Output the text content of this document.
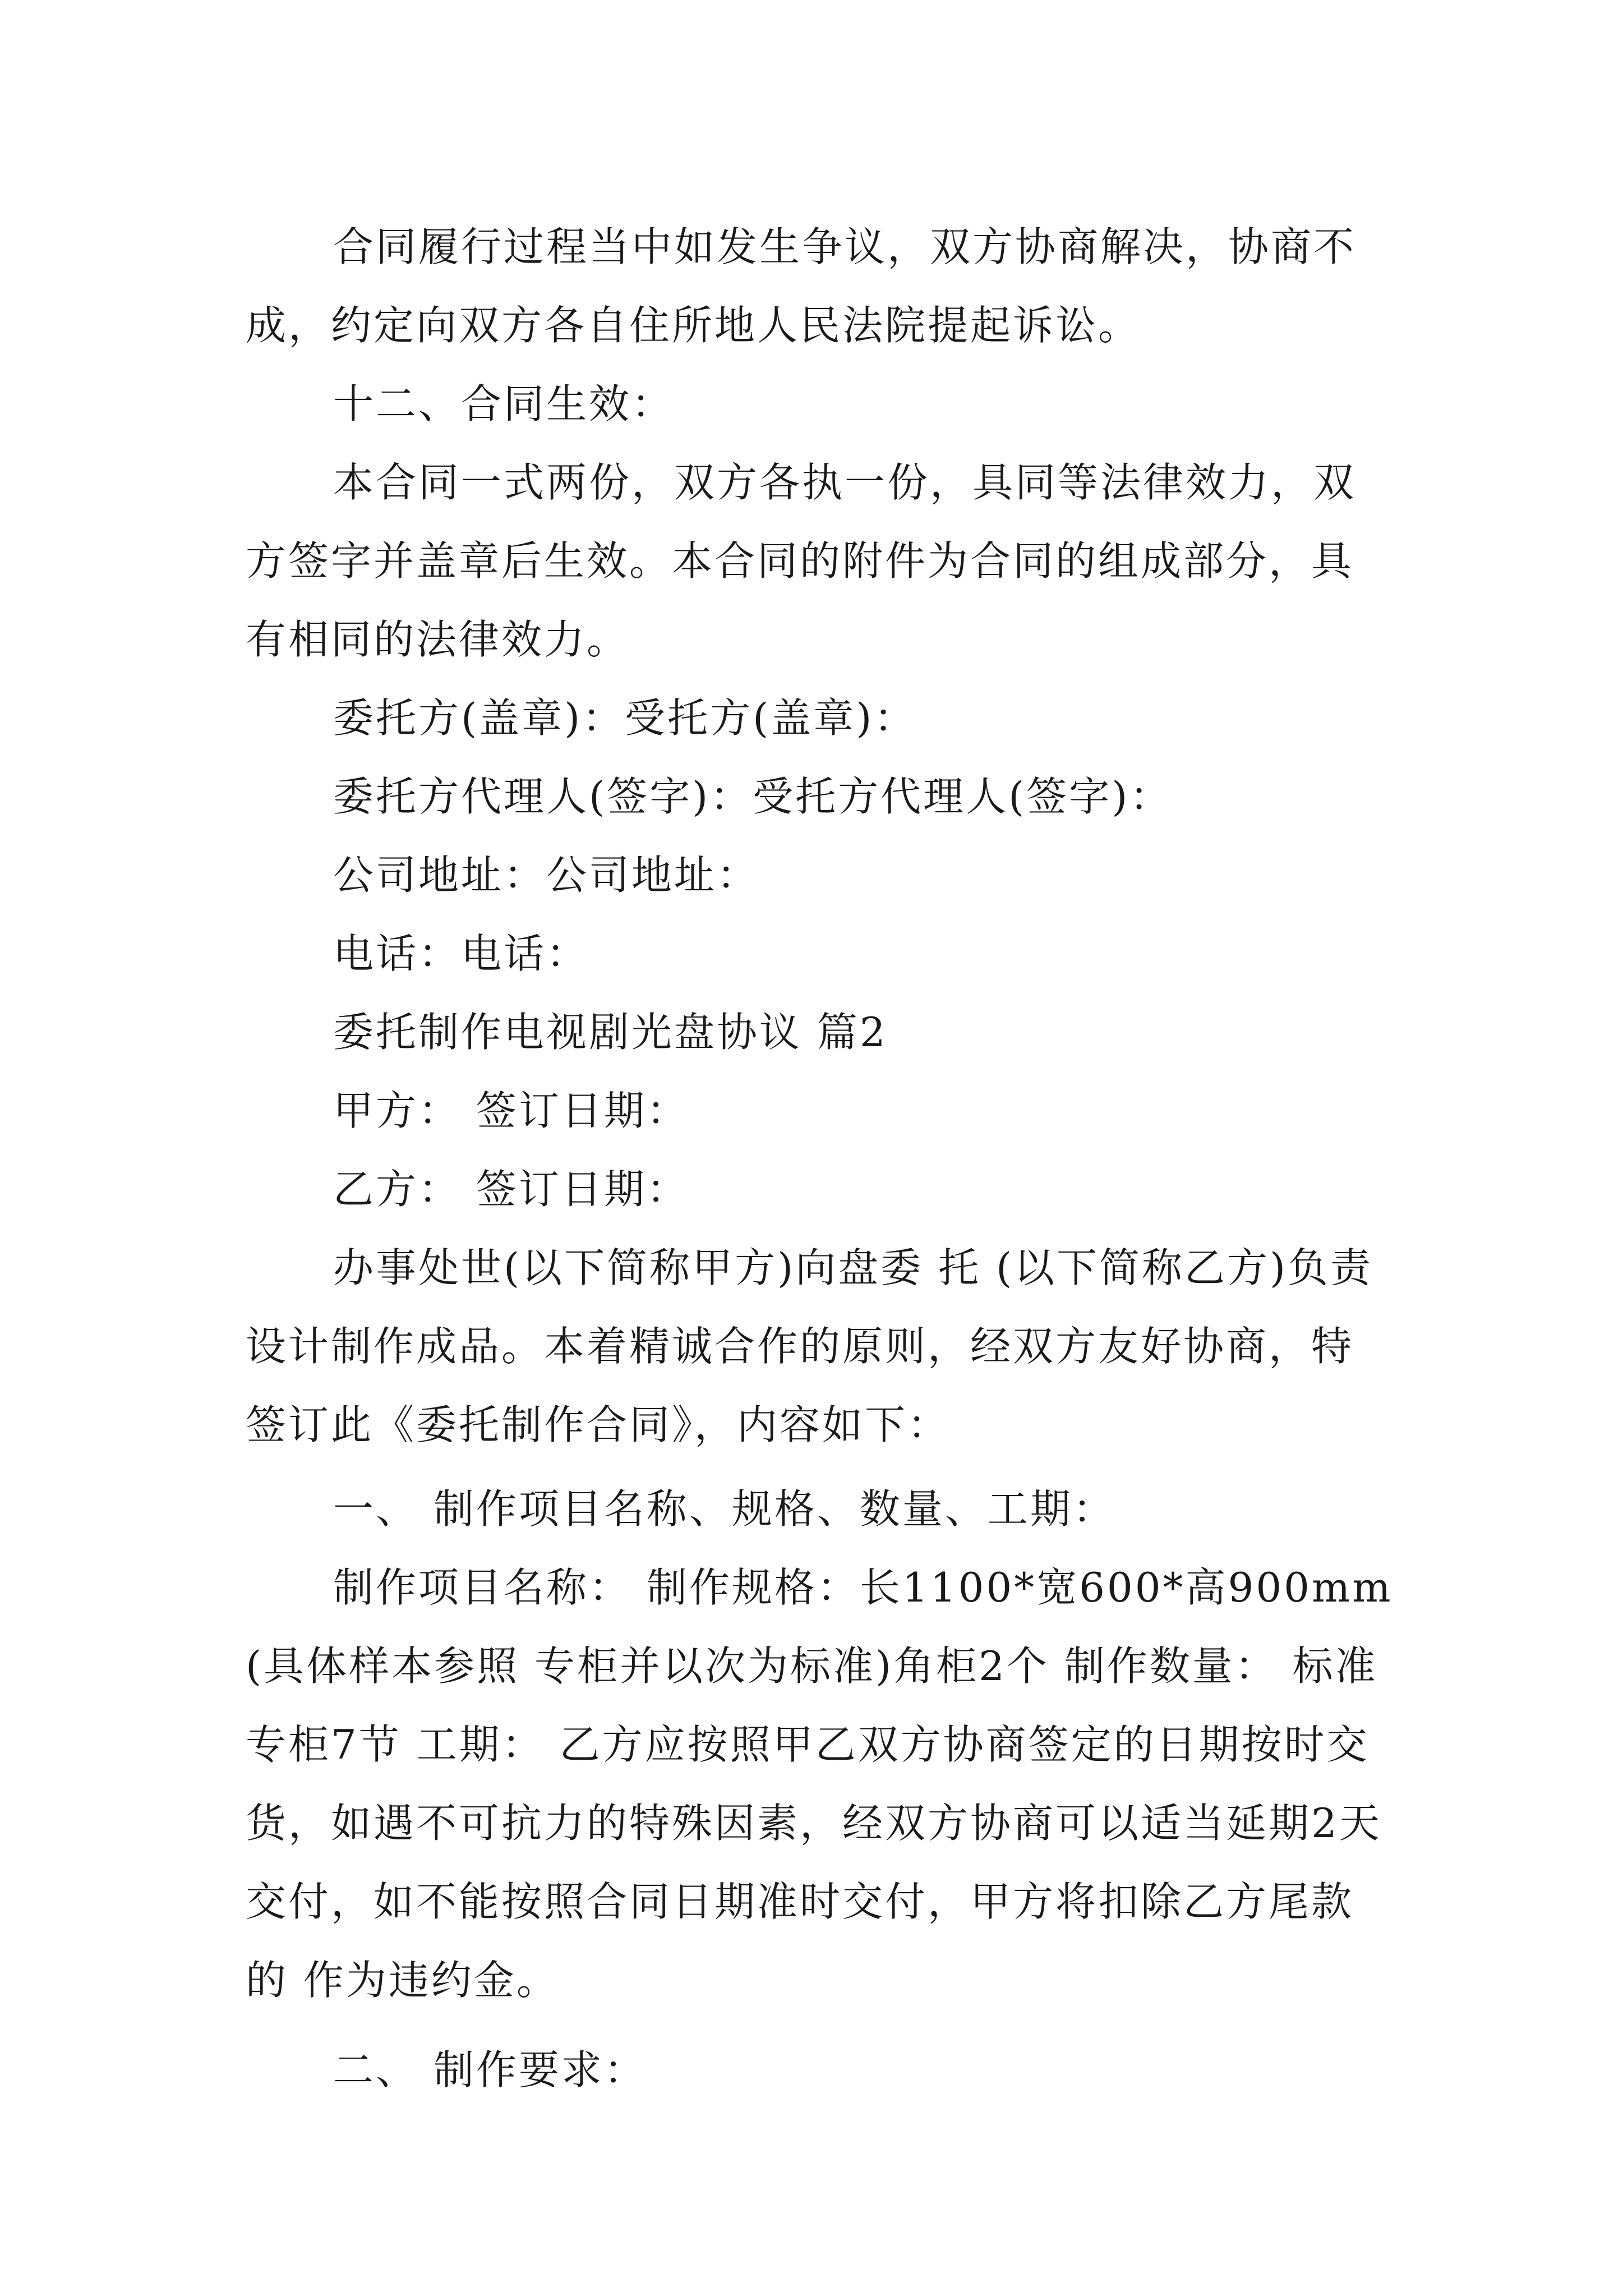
合同履行过程当中如发生争议，双方协商解决，协商不成，约定向双方各自住所地人民法院提起诉讼。
十二、合同生效：
本合同一式两份，双方各执一份，具同等法律效力，双方签字并盖章后生效。本合同的附件为合同的组成部分，具有相同的法律效力。
委托方(盖章)：受托方(盖章)：
委托方代理人(签字)：受托方代理人(签字)：
公司地址：公司地址：
电话：电话：
委托制作电视剧光盘协议 篇2
甲方： 签订日期：
乙方： 签订日期：
办事处世(以下简称甲方)向盘委 托 (以下简称乙方)负责 设计制作成品。本着精诚合作的原则，经双方友好协商，特签订此《委托制作合同》，内容如下：
一、 制作项目名称、规格、数量、工期：
制作项目名称： 制作规格：长1100*宽600*高900mm(具体样本参照 专柜并以次为标准)角柜2个 制作数量： 标准专柜7节 工期： 乙方应按照甲乙双方协商签定的日期按时交货，如遇不可抗力的特殊因素，经双方协商可以适当延期2天交付，如不能按照合同日期准时交付，甲方将扣除乙方尾款的 作为违约金。
二、 制作要求：
